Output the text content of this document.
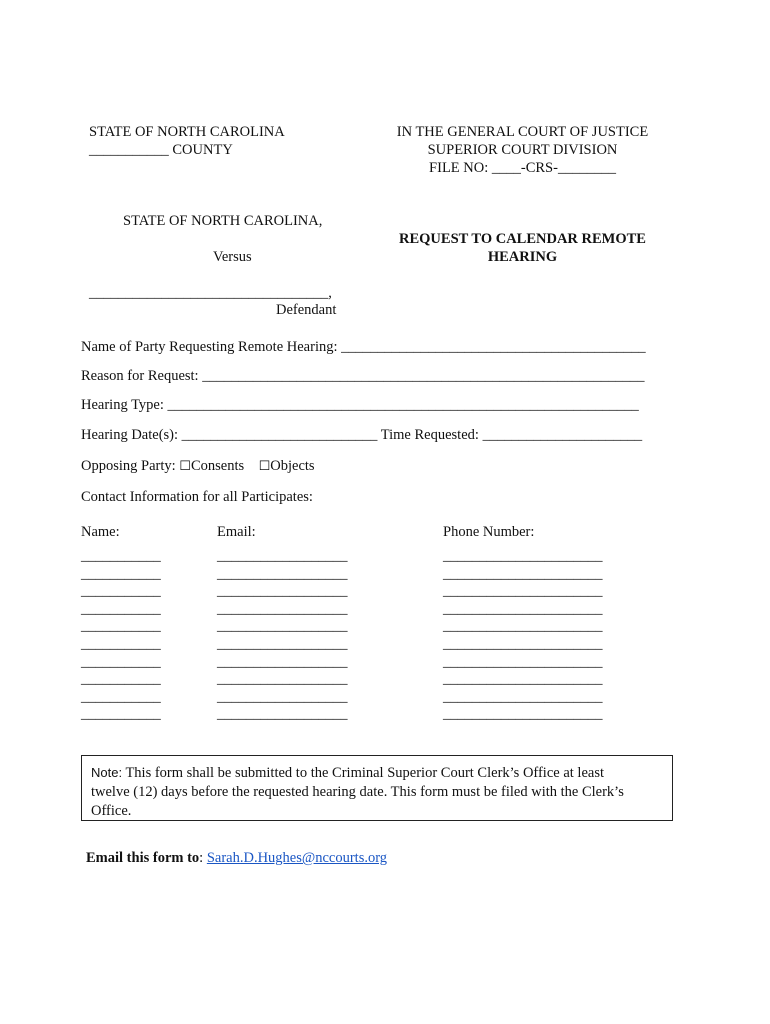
STATE OF NORTH CAROLINA
___________ COUNTY
IN THE GENERAL COURT OF JUSTICE
SUPERIOR COURT DIVISION
FILE NO: ____-CRS-________
STATE OF NORTH CAROLINA,
Versus
_________________________________,
Defendant
REQUEST TO CALENDAR REMOTE
HEARING
Name of Party Requesting Remote Hearing: __________________________________________
Reason for Request: _____________________________________________________________
Hearing Type: _________________________________________________________________
Hearing Date(s): ___________________________ Time Requested: ______________________
Opposing Party: ☐Consents ☐Objects
Contact Information for all Participates:
Name:	Email:	Phone Number:
___________
___________
___________
___________
___________
___________
___________
___________
___________
___________
__________________
__________________
__________________
__________________
__________________
__________________
__________________
__________________
__________________
__________________
______________________
______________________
______________________
______________________
______________________
______________________
______________________
______________________
______________________
______________________
Note: This form shall be submitted to the Criminal Superior Court Clerk’s Office at least
twelve (12) days before the requested hearing date. This form must be filed with the Clerk’s
Office.
Email this form to: Sarah.D.Hughes@nccourts.org
